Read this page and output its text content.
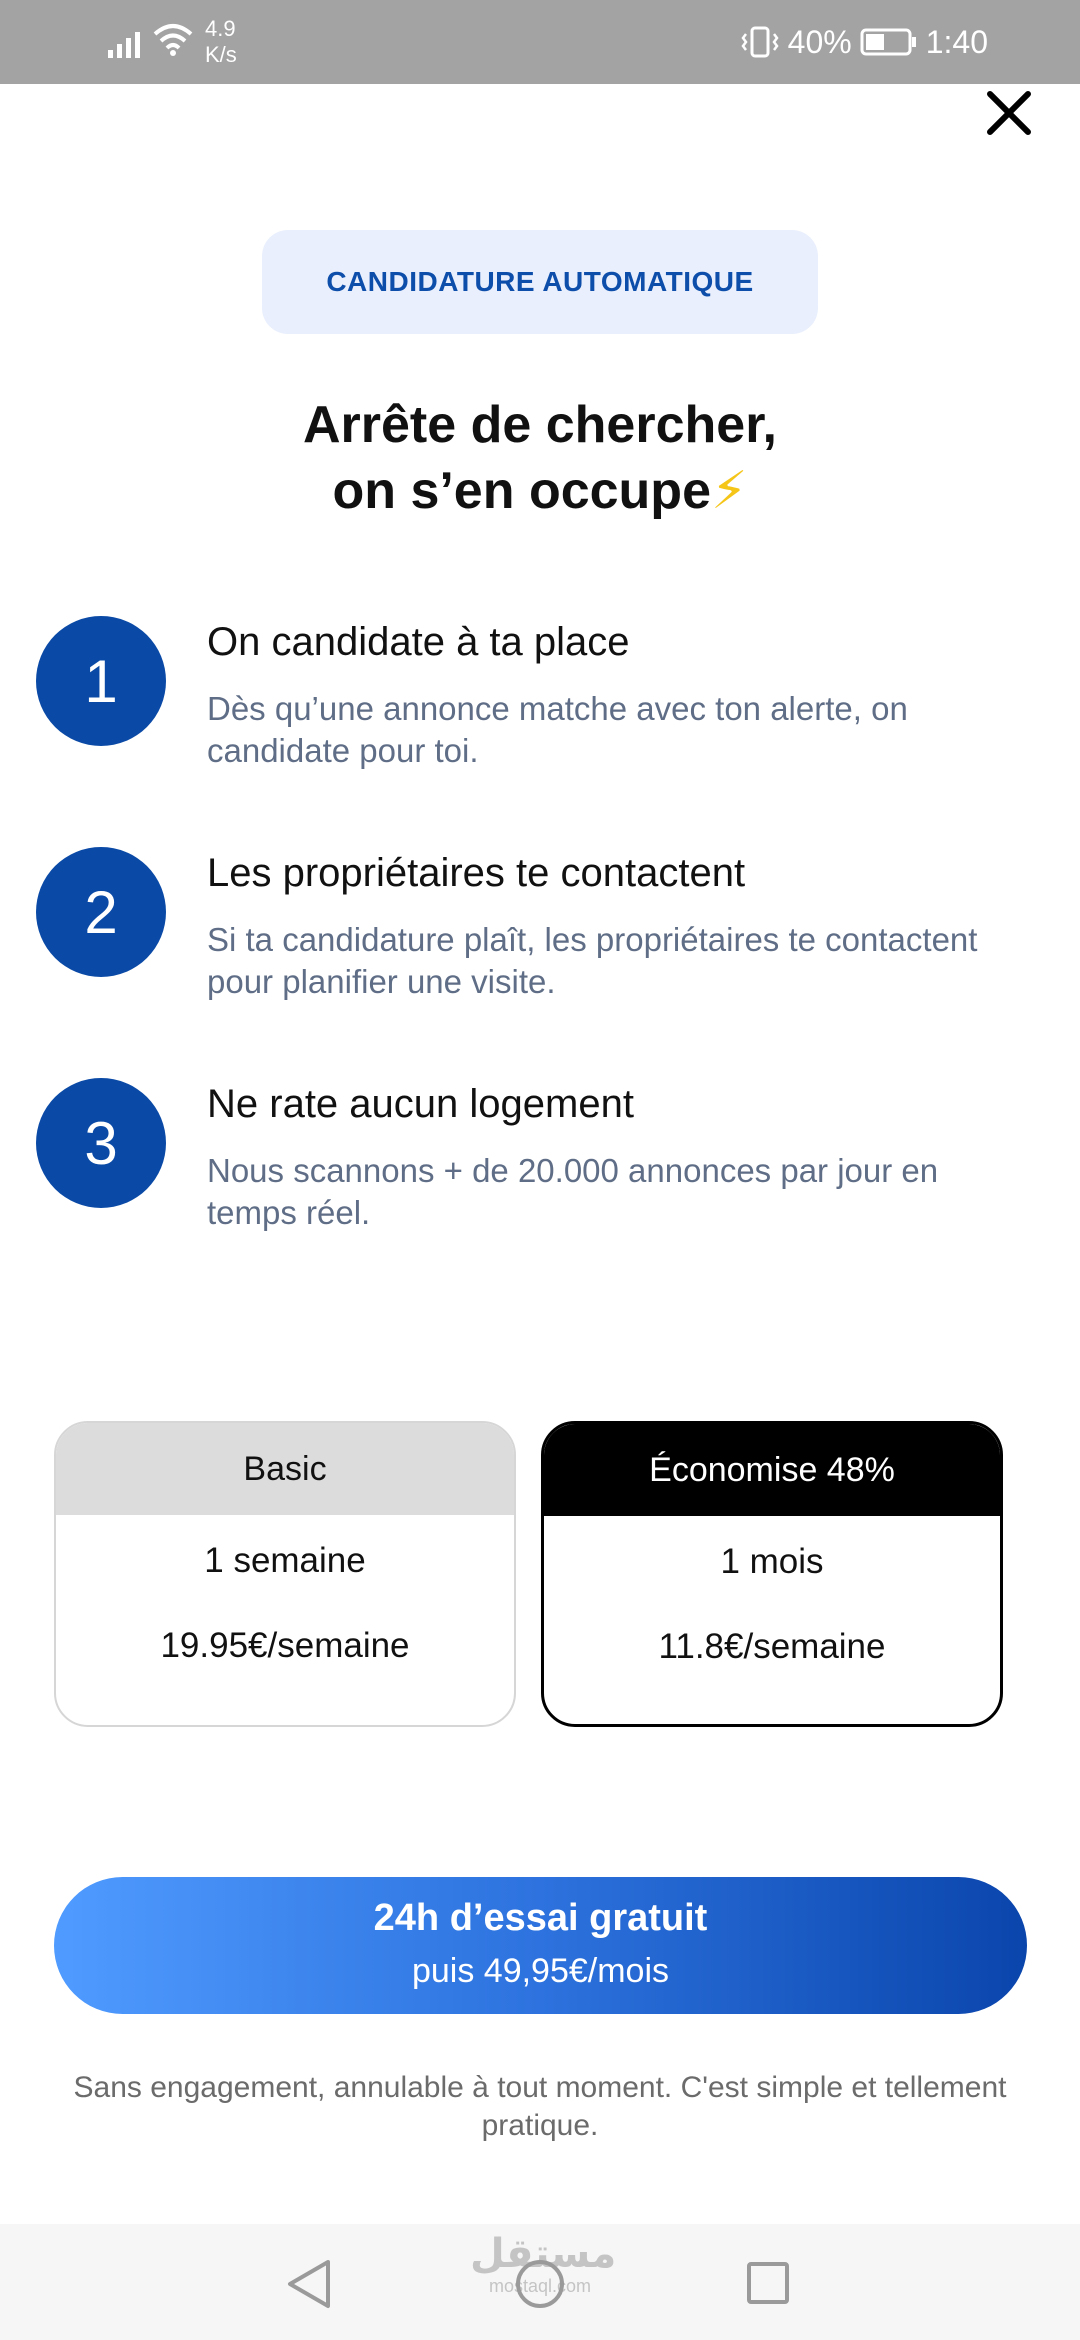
4.9
K/s	40% 1:40
CANDIDATURE AUTOMATIQUE
Arrête de chercher,
on s’en occupe⚡
1
On candidate à ta place
Dès qu’une annonce matche avec ton alerte, on candidate pour toi.
2
Les propriétaires te contactent
Si ta candidature plaît, les propriétaires te contactent pour planifier une visite.
3
Ne rate aucun logement
Nous scannons + de 20.000 annonces par jour en temps réel.
Basic
1 semaine
19.95€/semaine
Économise 48%
1 mois
11.8€/semaine
24h d’essai gratuit
puis 49,95€/mois
Sans engagement, annulable à tout moment. C'est simple et tellement pratique.
مستقل
mostaql.com
